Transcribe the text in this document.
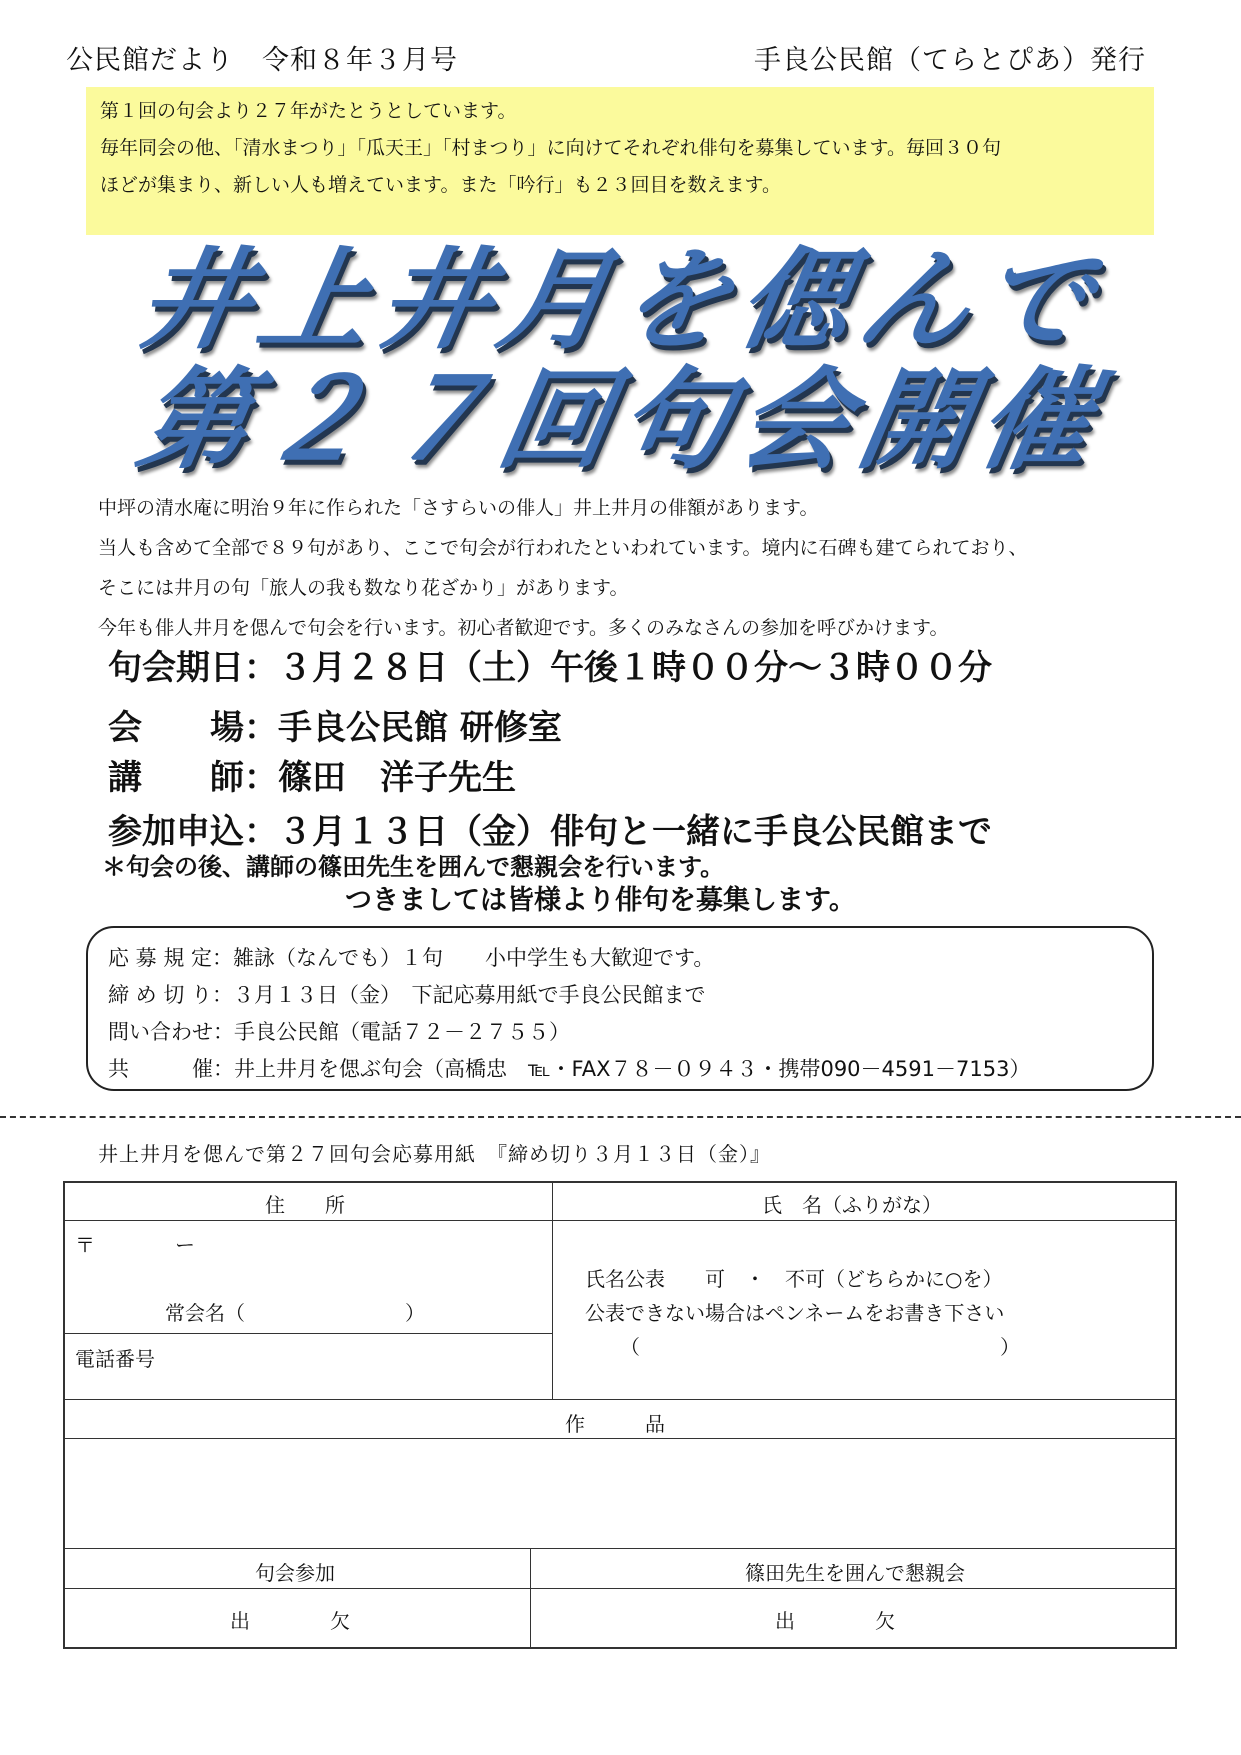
公民館だより　令和８年３月号	手良公民館（てらとぴあ）発行
第１回の句会より２７年がたとうとしています。
毎年同会の他、「清水まつり」「瓜天王」「村まつり」に向けてそれぞれ俳句を募集しています。毎回３０句
ほどが集まり、新しい人も増えています。また「吟行」も２３回目を数えます。
井上井月を偲んで
第２７回句会開催
中坪の清水庵に明治９年に作られた「さすらいの俳人」井上井月の俳額があります。
当人も含めて全部で８９句があり、ここで句会が行われたといわれています。境内に石碑も建てられており、
そこには井月の句「旅人の我も数なり花ざかり」があります。
今年も俳人井月を偲んで句会を行います。初心者歓迎です。多くのみなさんの参加を呼びかけます。
句会期日：３月２８日（土）午後１時００分～３時００分
会　　場：手良公民館 研修室
講　　師：篠田　洋子先生
参加申込：３月１３日（金）俳句と一緒に手良公民館まで
＊句会の後、講師の篠田先生を囲んで懇親会を行います。
つきましては皆様より俳句を募集します。
応 募 規 定：雑詠（なんでも）１句　　小中学生も大歓迎です。
締 め 切 り：３月１３日（金）　下記応募用紙で手良公民館まで
問い合わせ：手良公民館（電話７２－２７５５）
共　　　催：井上井月を偲ぶ句会（高橋忠　℡・FAX７８－０９４３・携帯090－4591－7153）
井上井月を偲んで第２７回句会応募用紙　『締め切り３月１３日（金）』
住　　所	氏　名（ふりがな）
〒　　　　ー
常会名（　　　　　　　　）
電話番号
氏名公表　　可　・　不可（どちらかに○を）
公表できない場合はペンネームをお書き下さい
（　　　　　　　　　　　　　　　　　　）
作　　　品
句会参加	篠田先生を囲んで懇親会
出　　　　欠	出　　　　欠
